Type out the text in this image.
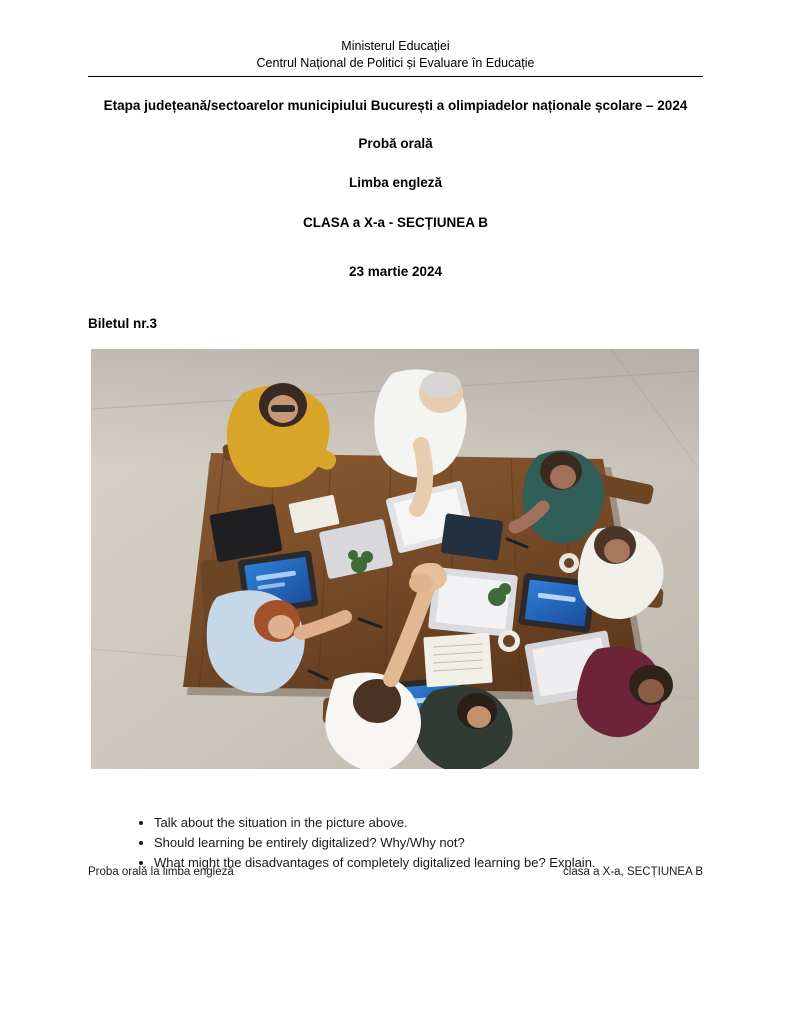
Ministerul Educației
Centrul Național de Politici și Evaluare în Educație
Etapa județeană/sectoarelor municipiului București a olimpiadelor naționale școlare – 2024
Probă orală
Limba engleză
CLASA a X-a - SECȚIUNEA B
23 martie 2024
Biletul nr.3
• Talk about the situation in the picture above.
• Should learning be entirely digitalized? Why/Why not?
• What might the disadvantages of completely digitalized learning be? Explain.
Proba orală la limba engleză	clasa a X-a, SECȚIUNEA B
